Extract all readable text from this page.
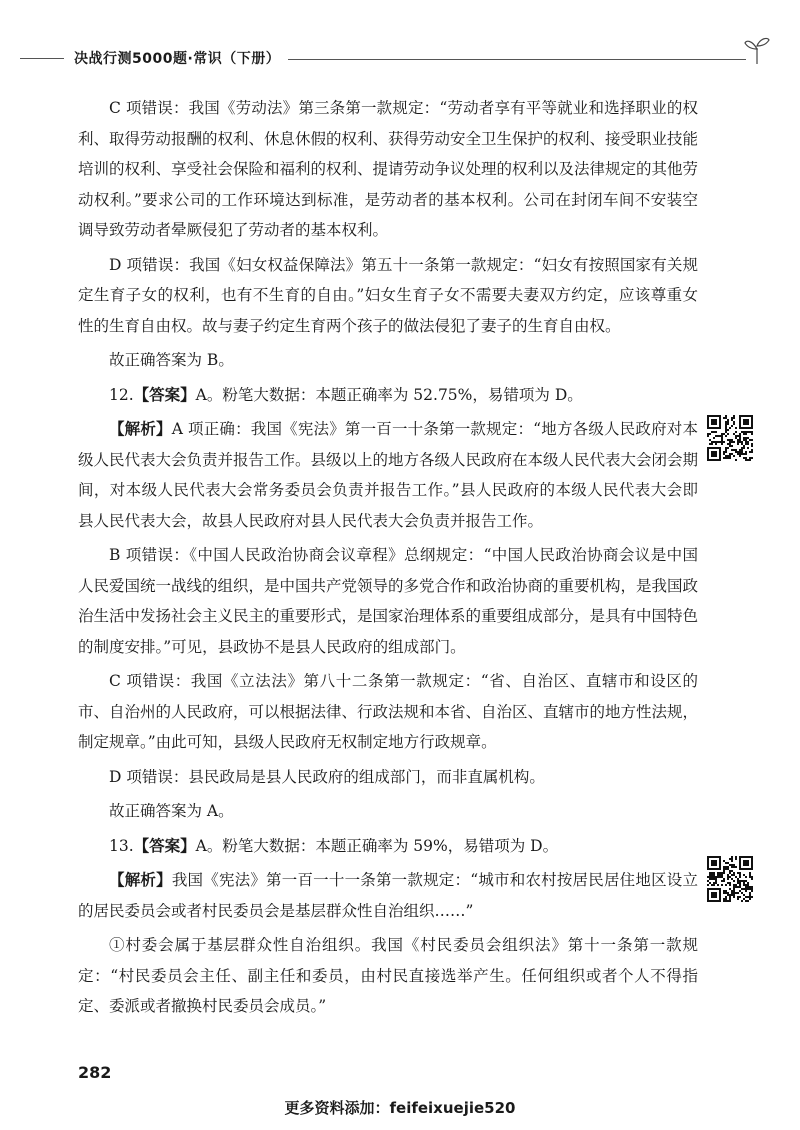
决战行测5000题·常识（下册）

C 项错误：我国《劳动法》第三条第一款规定：“劳动者享有平等就业和选择职业的权利、取得劳动报酬的权利、休息休假的权利、获得劳动安全卫生保护的权利、接受职业技能培训的权利、享受社会保险和福利的权利、提请劳动争议处理的权利以及法律规定的其他劳动权利。”要求公司的工作环境达到标准，是劳动者的基本权利。公司在封闭车间不安装空调导致劳动者晕厥侵犯了劳动者的基本权利。

D 项错误：我国《妇女权益保障法》第五十一条第一款规定：“妇女有按照国家有关规定生育子女的权利，也有不生育的自由。”妇女生育子女不需要夫妻双方约定，应该尊重女性的生育自由权。故与妻子约定生育两个孩子的做法侵犯了妻子的生育自由权。

故正确答案为 B。

12.【答案】A。粉笔大数据：本题正确率为 52.75%，易错项为 D。

【解析】A 项正确：我国《宪法》第一百一十条第一款规定：“地方各级人民政府对本级人民代表大会负责并报告工作。县级以上的地方各级人民政府在本级人民代表大会闭会期间，对本级人民代表大会常务委员会负责并报告工作。”县人民政府的本级人民代表大会即县人民代表大会，故县人民政府对县人民代表大会负责并报告工作。

B 项错误：《中国人民政治协商会议章程》总纲规定：“中国人民政治协商会议是中国人民爱国统一战线的组织，是中国共产党领导的多党合作和政治协商的重要机构，是我国政治生活中发扬社会主义民主的重要形式，是国家治理体系的重要组成部分，是具有中国特色的制度安排。”可见，县政协不是县人民政府的组成部门。

C 项错误：我国《立法法》第八十二条第一款规定：“省、自治区、直辖市和设区的市、自治州的人民政府，可以根据法律、行政法规和本省、自治区、直辖市的地方性法规，制定规章。”由此可知，县级人民政府无权制定地方行政规章。

D 项错误：县民政局是县人民政府的组成部门，而非直属机构。

故正确答案为 A。

13.【答案】A。粉笔大数据：本题正确率为 59%，易错项为 D。

【解析】我国《宪法》第一百一十一条第一款规定：“城市和农村按居民居住地区设立的居民委员会或者村民委员会是基层群众性自治组织……”

①村委会属于基层群众性自治组织。我国《村民委员会组织法》第十一条第一款规定：“村民委员会主任、副主任和委员，由村民直接选举产生。任何组织或者个人不得指定、委派或者撤换村民委员会成员。”

282
更多资料添加：feifeixuejie520
